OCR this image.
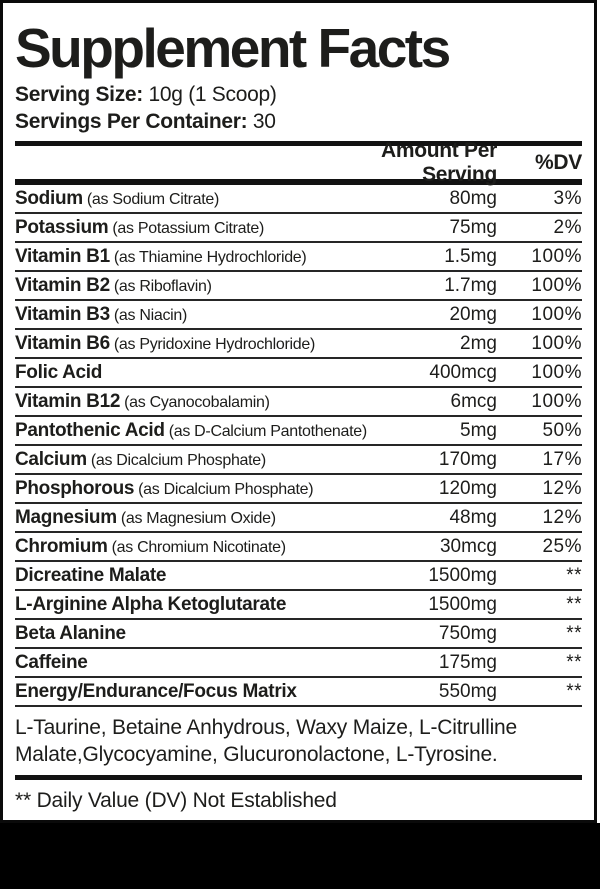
Supplement Facts
Serving Size: 10g (1 Scoop)
Servings Per Container: 30
Amount Per Serving
%DV
Sodium (as Sodium Citrate)	80mg	3%
Potassium (as Potassium Citrate)	75mg	2%
Vitamin B1 (as Thiamine Hydrochloride)	1.5mg	100%
Vitamin B2 (as Riboflavin)	1.7mg	100%
Vitamin B3 (as Niacin)	20mg	100%
Vitamin B6 (as Pyridoxine Hydrochloride)	2mg	100%
Folic Acid	400mcg	100%
Vitamin B12 (as Cyanocobalamin)	6mcg	100%
Pantothenic Acid (as D-Calcium Pantothenate)	5mg	50%
Calcium (as Dicalcium Phosphate)	170mg	17%
Phosphorous (as Dicalcium Phosphate)	120mg	12%
Magnesium (as Magnesium Oxide)	48mg	12%
Chromium (as Chromium Nicotinate)	30mcg	25%
Dicreatine Malate	1500mg	**
L-Arginine Alpha Ketoglutarate	1500mg	**
Beta Alanine	750mg	**
Caffeine	175mg	**
Energy/Endurance/Focus Matrix	550mg	**
L-Taurine, Betaine Anhydrous, Waxy Maize, L-Citrulline Malate,Glycocyamine, Glucuronolactone, L-Tyrosine.
** Daily Value (DV) Not Established
